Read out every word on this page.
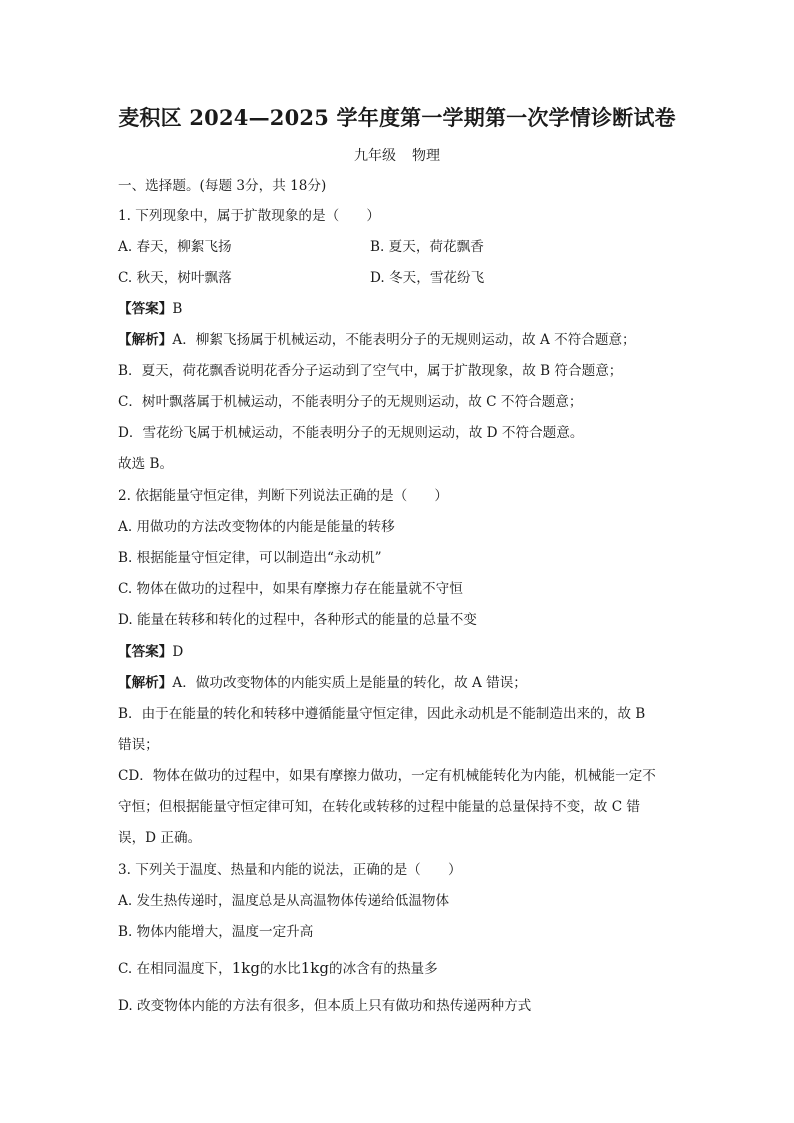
麦积区 2024—2025 学年度第一学期第一次学情诊断试卷
九年级 物理
一、选择题。(每题 3分，共 18分)
1. 下列现象中，属于扩散现象的是（　　）
A. 春天，柳絮飞扬	B. 夏天，荷花飘香
C. 秋天，树叶飘落	D. 冬天，雪花纷飞
【答案】B
【解析】A．柳絮飞扬属于机械运动，不能表明分子的无规则运动，故 A 不符合题意；
B．夏天，荷花飘香说明花香分子运动到了空气中，属于扩散现象，故 B 符合题意；
C．树叶飘落属于机械运动，不能表明分子的无规则运动，故 C 不符合题意；
D．雪花纷飞属于机械运动，不能表明分子的无规则运动，故 D 不符合题意。
故选 B。
2. 依据能量守恒定律，判断下列说法正确的是（　　）
A. 用做功的方法改变物体的内能是能量的转移
B. 根据能量守恒定律，可以制造出“永动机”
C. 物体在做功的过程中，如果有摩擦力存在能量就不守恒
D. 能量在转移和转化的过程中，各种形式的能量的总量不变
【答案】D
【解析】A．做功改变物体的内能实质上是能量的转化，故 A 错误；
B．由于在能量的转化和转移中遵循能量守恒定律，因此永动机是不能制造出来的，故 B
错误；
CD．物体在做功的过程中，如果有摩擦力做功，一定有机械能转化为内能，机械能一定不
守恒；但根据能量守恒定律可知，在转化或转移的过程中能量的总量保持不变，故 C 错
误，D 正确。
3. 下列关于温度、热量和内能的说法，正确的是（　　）
A. 发生热传递时，温度总是从高温物体传递给低温物体
B. 物体内能增大，温度一定升高
C. 在相同温度下，1kg的水比1kg的冰含有的热量多
D. 改变物体内能的方法有很多，但本质上只有做功和热传递两种方式
